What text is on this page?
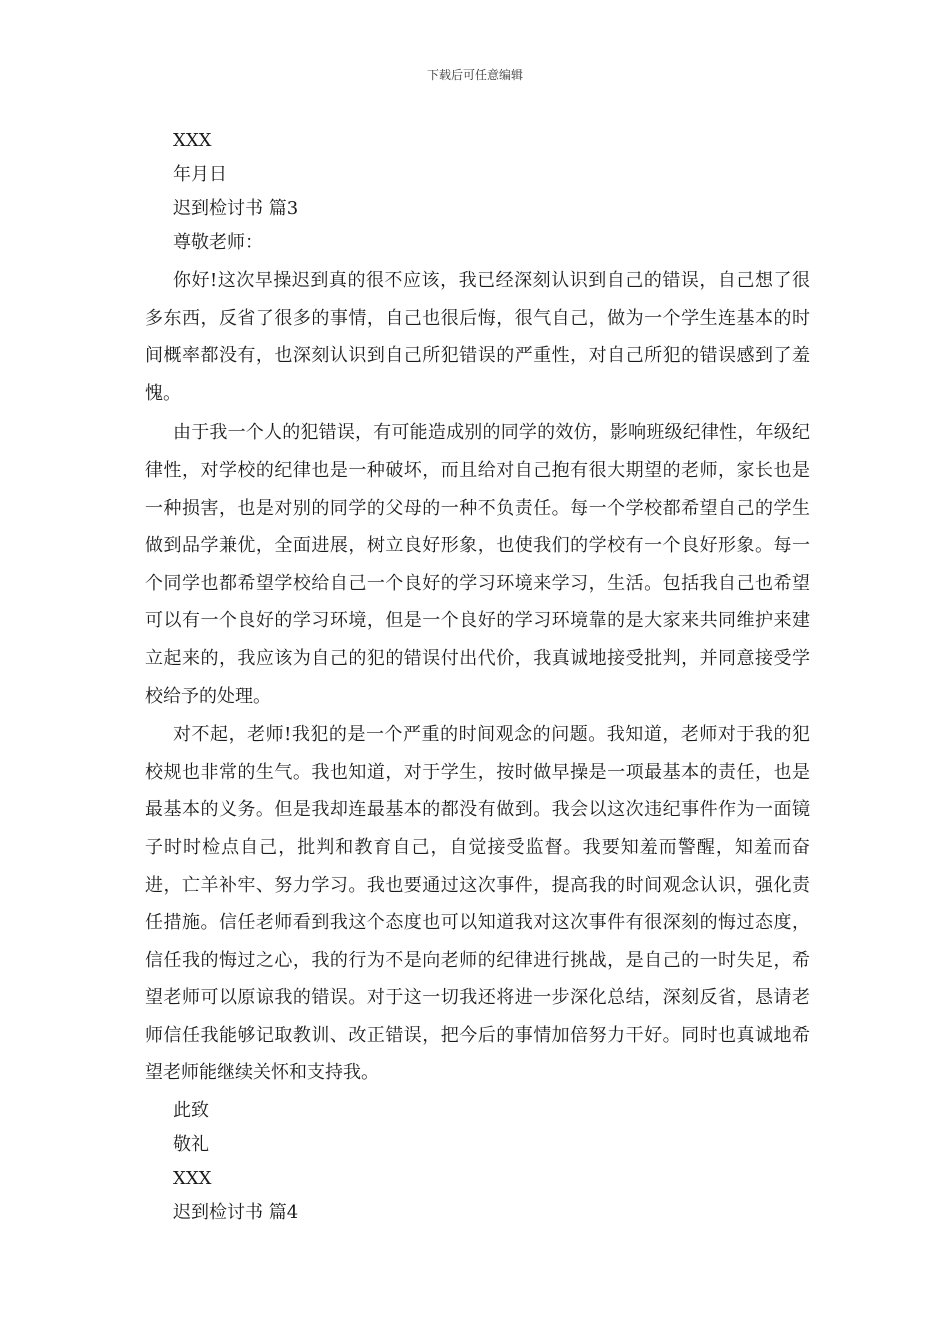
下载后可任意编辑
XXX
年月日
迟到检讨书 篇3
尊敬老师：

你好!这次早操迟到真的很不应该，我已经深刻认识到自己的错误，自己想了很多东西，反省了很多的事情，自己也很后悔，很气自己，做为一个学生连基本的时间概率都没有，也深刻认识到自己所犯错误的严重性，对自己所犯的错误感到了羞愧。

由于我一个人的犯错误，有可能造成别的同学的效仿，影响班级纪律性，年级纪律性，对学校的纪律也是一种破坏，而且给对自己抱有很大期望的老师，家长也是一种损害，也是对别的同学的父母的一种不负责任。每一个学校都希望自己的学生做到品学兼优，全面进展，树立良好形象，也使我们的学校有一个良好形象。每一个同学也都希望学校给自己一个良好的学习环境来学习，生活。包括我自己也希望可以有一个良好的学习环境，但是一个良好的学习环境靠的是大家来共同维护来建立起来的，我应该为自己的犯的错误付出代价，我真诚地接受批判，并同意接受学校给予的处理。

对不起，老师!我犯的是一个严重的时间观念的问题。我知道，老师对于我的犯校规也非常的生气。我也知道，对于学生，按时做早操是一项最基本的责任，也是最基本的义务。但是我却连最基本的都没有做到。我会以这次违纪事件作为一面镜子时时检点自己，批判和教育自己，自觉接受监督。我要知羞而警醒，知羞而奋进，亡羊补牢、努力学习。我也要通过这次事件，提高我的时间观念认识，强化责任措施。信任老师看到我这个态度也可以知道我对这次事件有很深刻的悔过态度，信任我的悔过之心，我的行为不是向老师的纪律进行挑战，是自己的一时失足，希望老师可以原谅我的错误。对于这一切我还将进一步深化总结，深刻反省，恳请老师信任我能够记取教训、改正错误，把今后的事情加倍努力干好。同时也真诚地希望老师能继续关怀和支持我。

此致
敬礼
XXX
迟到检讨书 篇4
